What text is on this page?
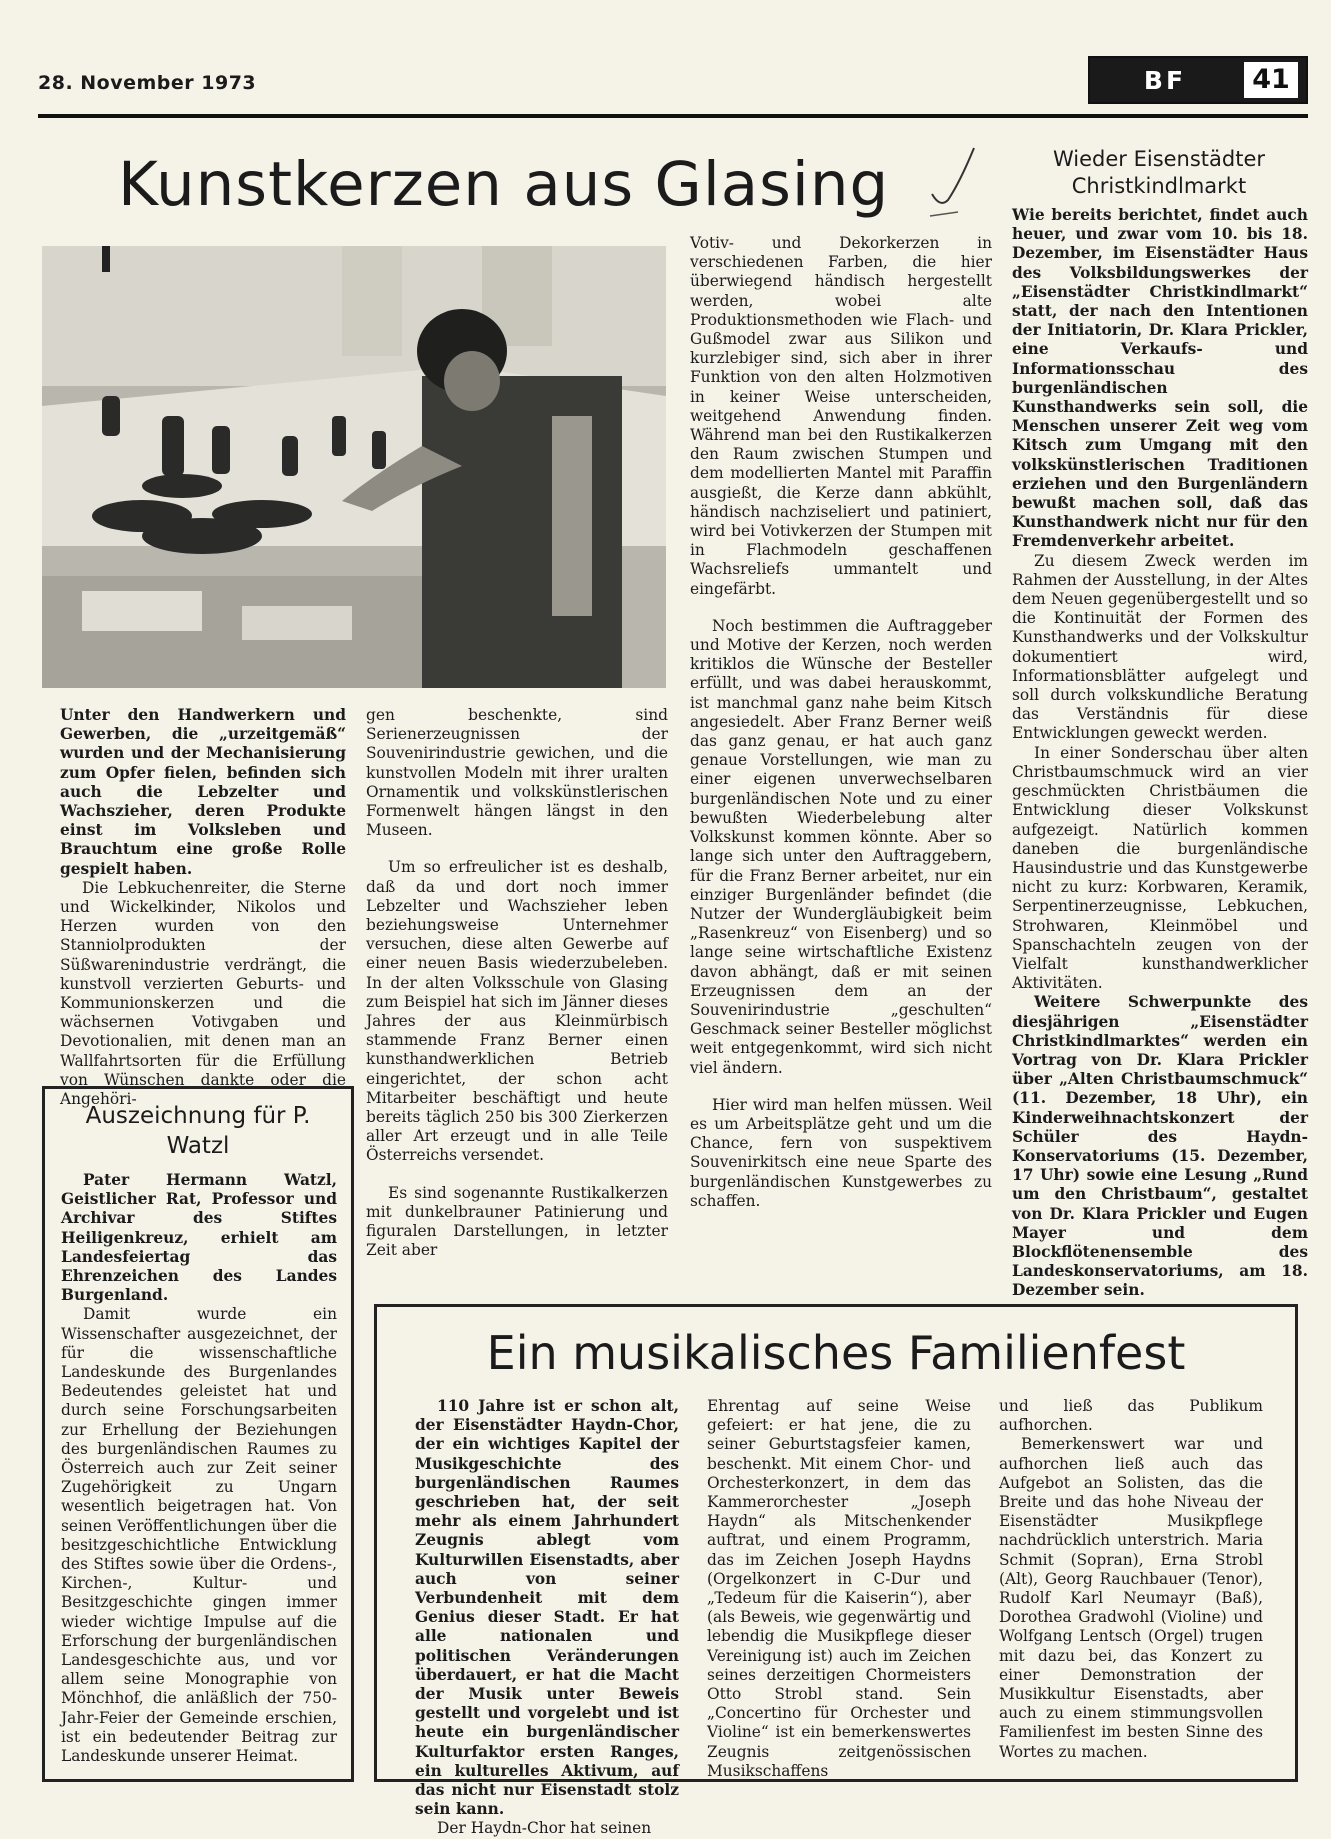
28. November 1973	BF	41
Kunstkerzen aus Glasing

Unter den Handwerkern und Gewerben, die „urzeitgemäß“ wurden und der Mechanisierung zum Opfer fielen, befinden sich auch die Lebzelter und Wachszieher, deren Produkte einst im Volksleben und Brauchtum eine große Rolle gespielt haben.

Die Lebkuchenreiter, die Sterne und Wickelkinder, Nikolos und Herzen wurden von den Stanniolprodukten der Süßwarenindustrie verdrängt, die kunstvoll verzierten Geburts- und Kommunionskerzen und die wächsernen Votivgaben und Devotionalien, mit denen man an Wallfahrtsorten für die Erfüllung von Wünschen dankte oder die Angehöri-

gen beschenkte, sind Serienerzeugnissen der Souvenirindustrie gewichen, und die kunstvollen Modeln mit ihrer uralten Ornamentik und volkskünstlerischen Formenwelt hängen längst in den Museen.

Um so erfreulicher ist es deshalb, daß da und dort noch immer Lebzelter und Wachszieher leben beziehungsweise Unternehmer versuchen, diese alten Gewerbe auf einer neuen Basis wiederzubeleben. In der alten Volksschule von Glasing zum Beispiel hat sich im Jänner dieses Jahres der aus Kleinmürbisch stammende Franz Berner einen kunsthandwerklichen Betrieb eingerichtet, der schon acht Mitarbeiter beschäftigt und heute bereits täglich 250 bis 300 Zierkerzen aller Art erzeugt und in alle Teile Österreichs versendet.

Es sind sogenannte Rustikalkerzen mit dunkelbrauner Patinierung und figuralen Darstellungen, in letzter Zeit aber

Votiv- und Dekorkerzen in verschiedenen Farben, die hier überwiegend händisch hergestellt werden, wobei alte Produktionsmethoden wie Flach- und Gußmodel zwar aus Silikon und kurzlebiger sind, sich aber in ihrer Funktion von den alten Holzmotiven in keiner Weise unterscheiden, weitgehend Anwendung finden. Während man bei den Rustikalkerzen den Raum zwischen Stumpen und dem modellierten Mantel mit Paraffin ausgießt, die Kerze dann abkühlt, händisch nachziseliert und patiniert, wird bei Votivkerzen der Stumpen mit in Flachmodeln geschaffenen Wachsreliefs ummantelt und eingefärbt.

Noch bestimmen die Auftraggeber und Motive der Kerzen, noch werden kritiklos die Wünsche der Besteller erfüllt, und was dabei herauskommt, ist manchmal ganz nahe beim Kitsch angesiedelt. Aber Franz Berner weiß das ganz genau, er hat auch ganz genaue Vorstellungen, wie man zu einer eigenen unverwechselbaren burgenländischen Note und zu einer bewußten Wiederbelebung alter Volkskunst kommen könnte. Aber so lange sich unter den Auftraggebern, für die Franz Berner arbeitet, nur ein einziger Burgenländer befindet (die Nutzer der Wundergläubigkeit beim „Rasenkreuz“ von Eisenberg) und so lange seine wirtschaftliche Existenz davon abhängt, daß er mit seinen Erzeugnissen dem an der Souvenirindustrie „geschulten“ Geschmack seiner Besteller möglichst weit entgegenkommt, wird sich nicht viel ändern.

Hier wird man helfen müssen. Weil es um Arbeitsplätze geht und um die Chance, fern von suspektivem Souvenirkitsch eine neue Sparte des burgenländischen Kunstgewerbes zu schaffen.

Wieder Eisenstädter Christkindlmarkt

Wie bereits berichtet, findet auch heuer, und zwar vom 10. bis 18. Dezember, im Eisenstädter Haus des Volksbildungswerkes der „Eisenstädter Christkindlmarkt“ statt, der nach den Intentionen der Initiatorin, Dr. Klara Prickler, eine Verkaufs- und Informationsschau des burgenländischen Kunsthandwerks sein soll, die Menschen unserer Zeit weg vom Kitsch zum Umgang mit den volkskünstlerischen Traditionen erziehen und den Burgenländern bewußt machen soll, daß das Kunsthandwerk nicht nur für den Fremdenverkehr arbeitet.

Zu diesem Zweck werden im Rahmen der Ausstellung, in der Altes dem Neuen gegenübergestellt und so die Kontinuität der Formen des Kunsthandwerks und der Volkskultur dokumentiert wird, Informationsblätter aufgelegt und soll durch volkskundliche Beratung das Verständnis für diese Entwicklungen geweckt werden.

In einer Sonderschau über alten Christbaumschmuck wird an vier geschmückten Christbäumen die Entwicklung dieser Volkskunst aufgezeigt. Natürlich kommen daneben die burgenländische Hausindustrie und das Kunstgewerbe nicht zu kurz: Korbwaren, Keramik, Serpentinerzeugnisse, Lebkuchen, Strohwaren, Kleinmöbel und Spanschachteln zeugen von der Vielfalt kunsthandwerklicher Aktivitäten.

Weitere Schwerpunkte des diesjährigen „Eisenstädter Christkindlmarktes“ werden ein Vortrag von Dr. Klara Prickler über „Alten Christbaumschmuck“ (11. Dezember, 18 Uhr), ein Kinderweihnachtskonzert der Schüler des Haydn-Konservatoriums (15. Dezember, 17 Uhr) sowie eine Lesung „Rund um den Christbaum“, gestaltet von Dr. Klara Prickler und Eugen Mayer und dem Blockflötenensemble des Landeskonservatoriums, am 18. Dezember sein.

Auszeichnung für P. Watzl

Pater Hermann Watzl, Geistlicher Rat, Professor und Archivar des Stiftes Heiligenkreuz, erhielt am Landesfeiertag das Ehrenzeichen des Landes Burgenland.

Damit wurde ein Wissenschafter ausgezeichnet, der für die wissenschaftliche Landeskunde des Burgenlandes Bedeutendes geleistet hat und durch seine Forschungsarbeiten zur Erhellung der Beziehungen des burgenländischen Raumes zu Österreich auch zur Zeit seiner Zugehörigkeit zu Ungarn wesentlich beigetragen hat. Von seinen Veröffentlichungen über die besitzgeschichtliche Entwicklung des Stiftes sowie über die Ordens-, Kirchen-, Kultur- und Besitzgeschichte gingen immer wieder wichtige Impulse auf die Erforschung der burgenländischen Landesgeschichte aus, und vor allem seine Monographie von Mönchhof, die anläßlich der 750-Jahr-Feier der Gemeinde erschien, ist ein bedeutender Beitrag zur Landeskunde unserer Heimat.

Ein musikalisches Familienfest

110 Jahre ist er schon alt, der Eisenstädter Haydn-Chor, der ein wichtiges Kapitel der Musikgeschichte des burgenländischen Raumes geschrieben hat, der seit mehr als einem Jahrhundert Zeugnis ablegt vom Kulturwillen Eisenstadts, aber auch von seiner Verbundenheit mit dem Genius dieser Stadt. Er hat alle nationalen und politischen Veränderungen überdauert, er hat die Macht der Musik unter Beweis gestellt und vorgelebt und ist heute ein burgenländischer Kulturfaktor ersten Ranges, ein kulturelles Aktivum, auf das nicht nur Eisenstadt stolz sein kann.

Der Haydn-Chor hat seinen

Ehrentag auf seine Weise gefeiert: er hat jene, die zu seiner Geburtstagsfeier kamen, beschenkt. Mit einem Chor- und Orchesterkonzert, in dem das Kammerorchester „Joseph Haydn“ als Mitschenkender auftrat, und einem Programm, das im Zeichen Joseph Haydns (Orgelkonzert in C-Dur und „Tedeum für die Kaiserin“), aber (als Beweis, wie gegenwärtig und lebendig die Musikpflege dieser Vereinigung ist) auch im Zeichen seines derzeitigen Chormeisters Otto Strobl stand. Sein „Concertino für Orchester und Violine“ ist ein bemerkenswertes Zeugnis zeitgenössischen Musikschaffens

und ließ das Publikum aufhorchen.

Bemerkenswert war und aufhorchen ließ auch das Aufgebot an Solisten, das die Breite und das hohe Niveau der Eisenstädter Musikpflege nachdrücklich unterstrich. Maria Schmit (Sopran), Erna Strobl (Alt), Georg Rauchbauer (Tenor), Rudolf Karl Neumayr (Baß), Dorothea Gradwohl (Violine) und Wolfgang Lentsch (Orgel) trugen mit dazu bei, das Konzert zu einer Demonstration der Musikkultur Eisenstadts, aber auch zu einem stimmungsvollen Familienfest im besten Sinne des Wortes zu machen.
